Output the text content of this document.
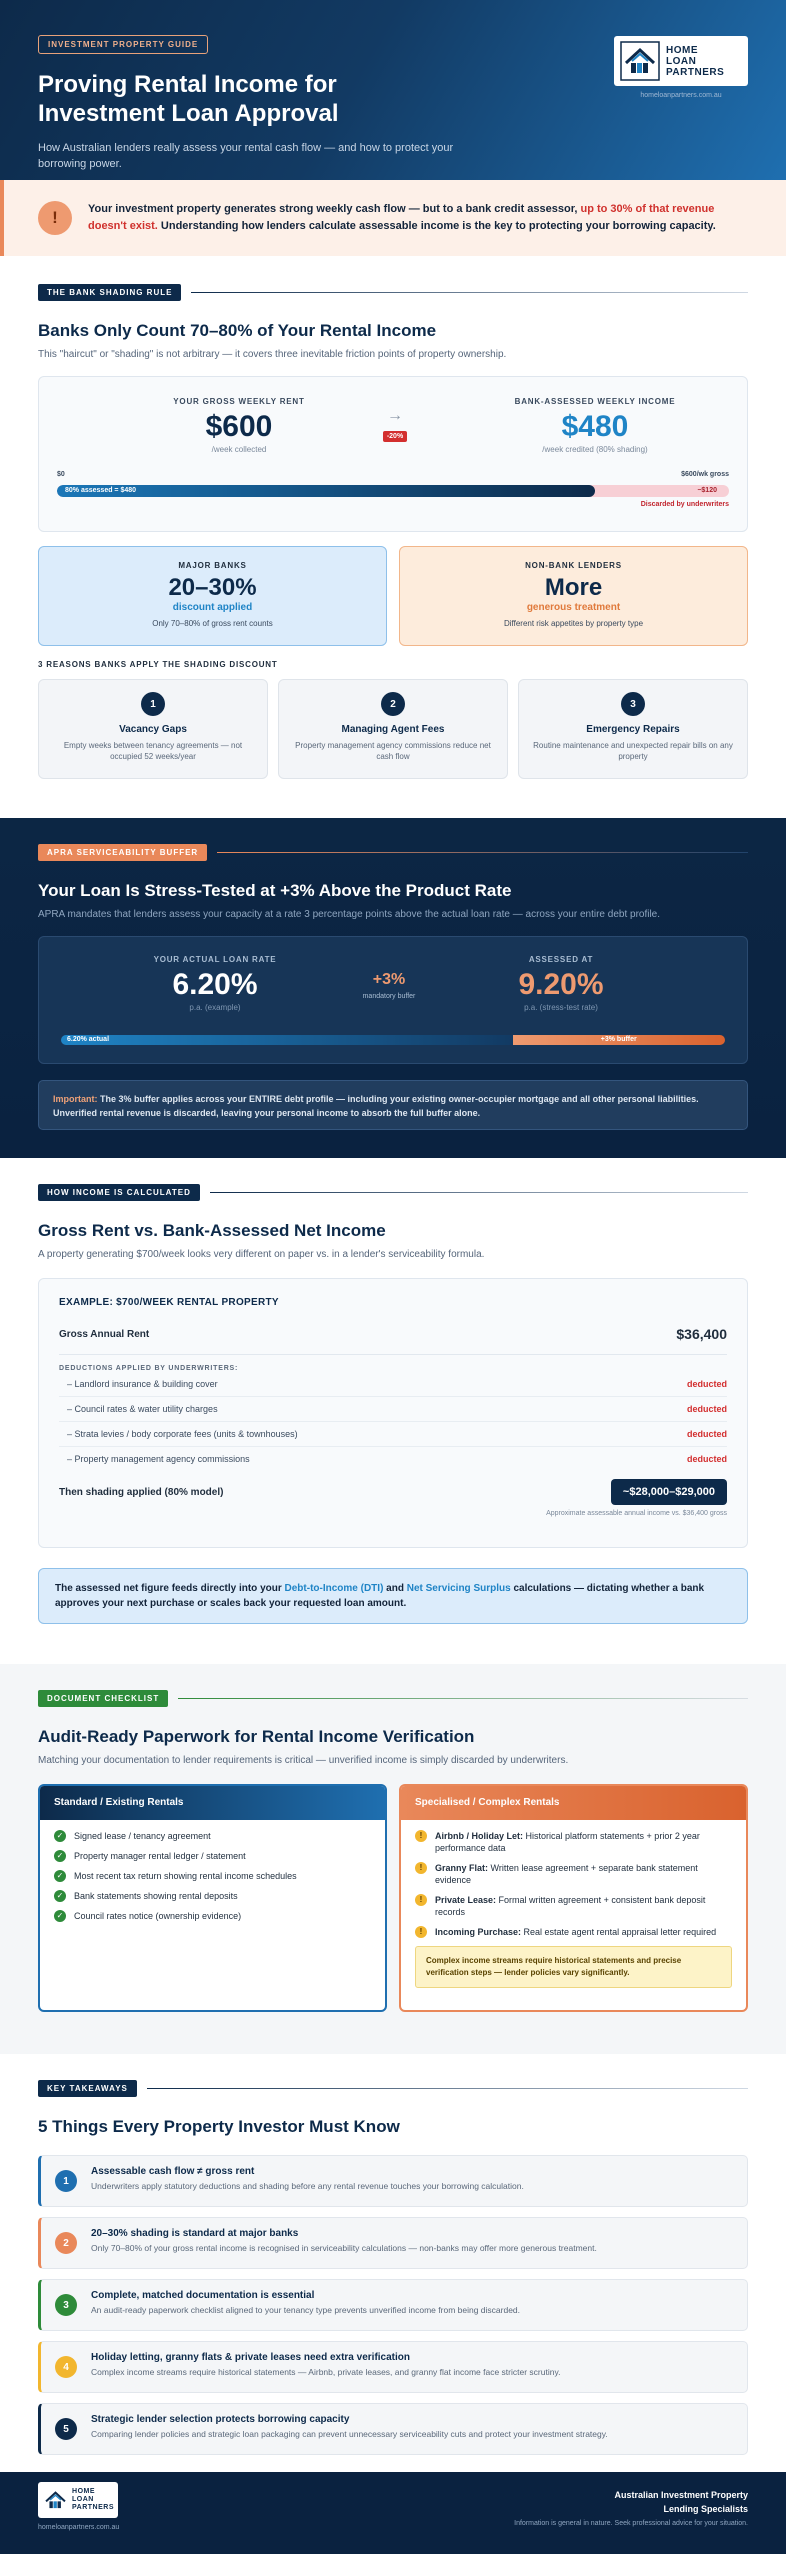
INVESTMENT PROPERTY GUIDE
Proving Rental Income for Investment Loan Approval
How Australian lenders really assess your rental cash flow — and how to protect your borrowing power.
HOME
LOAN
PARTNERS
homeloanpartners.com.au
!	Your investment property generates strong weekly cash flow — but to a bank credit assessor, up to 30% of that revenue doesn't exist. Understanding how lenders calculate assessable income is the key to protecting your borrowing capacity.

THE BANK SHADING RULE
Banks Only Count 70–80% of Your Rental Income
This "haircut" or "shading" is not arbitrary — it covers three inevitable friction points of property ownership.
YOUR GROSS WEEKLY RENT
$600
/week collected
→
-20%
BANK-ASSESSED WEEKLY INCOME
$480
/week credited (80% shading)
$0	$600/wk gross
80% assessed = $480	−$120
Discarded by underwriters
MAJOR BANKS
20–30%
discount applied
Only 70–80% of gross rent counts
NON-BANK LENDERS
More
generous treatment
Different risk appetites by property type
3 REASONS BANKS APPLY THE SHADING DISCOUNT
1
Vacancy Gaps
Empty weeks between tenancy agreements — not occupied 52 weeks/year
2
Managing Agent Fees
Property management agency commissions reduce net cash flow
3
Emergency Repairs
Routine maintenance and unexpected repair bills on any property
APRA SERVICEABILITY BUFFER
Your Loan Is Stress-Tested at +3% Above the Product Rate
APRA mandates that lenders assess your capacity at a rate 3 percentage points above the actual loan rate — across your entire debt profile.
YOUR ACTUAL LOAN RATE
6.20%
p.a. (example)
+3%
mandatory buffer
ASSESSED AT
9.20%
p.a. (stress-test rate)
6.20% actual	+3% buffer
Important: The 3% buffer applies across your ENTIRE debt profile — including your existing owner-occupier mortgage and all other personal liabilities. Unverified rental revenue is discarded, leaving your personal income to absorb the full buffer alone.
HOW INCOME IS CALCULATED
Gross Rent vs. Bank-Assessed Net Income
A property generating $700/week looks very different on paper vs. in a lender's serviceability formula.
EXAMPLE: $700/WEEK RENTAL PROPERTY
Gross Annual Rent	$36,400
DEDUCTIONS APPLIED BY UNDERWRITERS:
– Landlord insurance & building cover	deducted
– Council rates & water utility charges	deducted
– Strata levies / body corporate fees (units & townhouses)	deducted
– Property management agency commissions	deducted
Then shading applied (80% model)	~$28,000–$29,000
Approximate assessable annual income vs. $36,400 gross
The assessed net figure feeds directly into your Debt-to-Income (DTI) and Net Servicing Surplus calculations — dictating whether a bank approves your next purchase or scales back your requested loan amount.
DOCUMENT CHECKLIST
Audit-Ready Paperwork for Rental Income Verification
Matching your documentation to lender requirements is critical — unverified income is simply discarded by underwriters.
Standard / Existing Rentals
✓ Signed lease / tenancy agreement
✓ Property manager rental ledger / statement
✓ Most recent tax return showing rental income schedules
✓ Bank statements showing rental deposits
✓ Council rates notice (ownership evidence)
Specialised / Complex Rentals
!	Airbnb / Holiday Let: Historical platform statements + prior 2 year performance data
!	Granny Flat: Written lease agreement + separate bank statement evidence
!	Private Lease: Formal written agreement + consistent bank deposit records
!	Incoming Purchase: Real estate agent rental appraisal letter required
Complex income streams require historical statements and precise verification steps — lender policies vary significantly.
KEY TAKEAWAYS
5 Things Every Property Investor Must Know
1
Assessable cash flow ≠ gross rent
Underwriters apply statutory deductions and shading before any rental revenue touches your borrowing calculation.
2
20–30% shading is standard at major banks
Only 70–80% of your gross rental income is recognised in serviceability calculations — non-banks may offer more generous treatment.
3
Complete, matched documentation is essential
An audit-ready paperwork checklist aligned to your tenancy type prevents unverified income from being discarded.
4
Holiday letting, granny flats & private leases need extra verification
Complex income streams require historical statements — Airbnb, private leases, and granny flat income face stricter scrutiny.
5
Strategic lender selection protects borrowing capacity
Comparing lender policies and strategic loan packaging can prevent unnecessary serviceability cuts and protect your investment strategy.
HOME
LOAN
PARTNERS
homeloanpartners.com.au
Australian Investment Property
Lending Specialists
Information is general in nature. Seek professional advice for your situation.
